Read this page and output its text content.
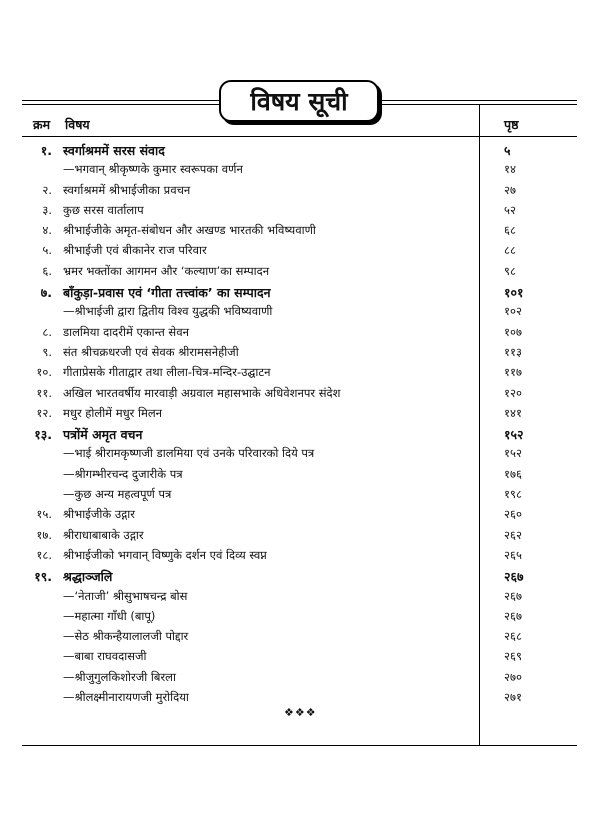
विषय सूची
क्रम विषय	पृष्ठ
१. स्वर्गाश्रममें सरस संवाद	५
—भगवान् श्रीकृष्णके कुमार स्वरूपका वर्णन	१४
२. स्वर्गाश्रममें श्रीभाईजीका प्रवचन	२७
३. कुछ सरस वार्तालाप	५२
४. श्रीभाईजीके अमृत-संबोधन और अखण्ड भारतकी भविष्यवाणी	६८
५. श्रीभाईजी एवं बीकानेर राज परिवार	८८
६. भ्रमर भक्तोंका आगमन और ‘कल्याण’का सम्पादन	९८
७. बाँकुड़ा-प्रवास एवं ‘गीता तत्त्वांक’ का सम्पादन	१०१
—श्रीभाईजी द्वारा द्वितीय विश्व युद्धकी भविष्यवाणी	१०२
८. डालमिया दादरीमें एकान्त सेवन	१०७
९. संत श्रीचक्रधरजी एवं सेवक श्रीरामसनेहीजी	११३
१०. गीताप्रेसके गीताद्वार तथा लीला-चित्र-मन्दिर-उद्घाटन	११७
११. अखिल भारतवर्षीय मारवाड़ी अग्रवाल महासभाके अधिवेशनपर संदेश	१२०
१२. मधुर होलीमें मधुर मिलन	१४१
१३. पत्रोंमें अमृत वचन	१५२
—भाई श्रीरामकृष्णजी डालमिया एवं उनके परिवारको दिये पत्र	१५२
—श्रीगम्भीरचन्द दुजारीके पत्र	१७६
—कुछ अन्य महत्वपूर्ण पत्र	१९८
१५. श्रीभाईजीके उद्गार	२६०
१७. श्रीराधाबाबाके उद्गार	२६२
१८. श्रीभाईजीको भगवान् विष्णुके दर्शन एवं दिव्य स्वप्न	२६५
१९. श्रद्धाञ्जलि	२६७
—‘नेताजी’ श्रीसुभाषचन्द्र बोस	२६७
—महात्मा गाँधी (बापू)	२६७
—सेठ श्रीकन्हैयालालजी पोद्दार	२६८
—बाबा राघवदासजी	२६९
—श्रीजुगुलकिशोरजी बिरला	२७०
—श्रीलक्ष्मीनारायणजी मुरोदिया	२७१
❖❖❖
